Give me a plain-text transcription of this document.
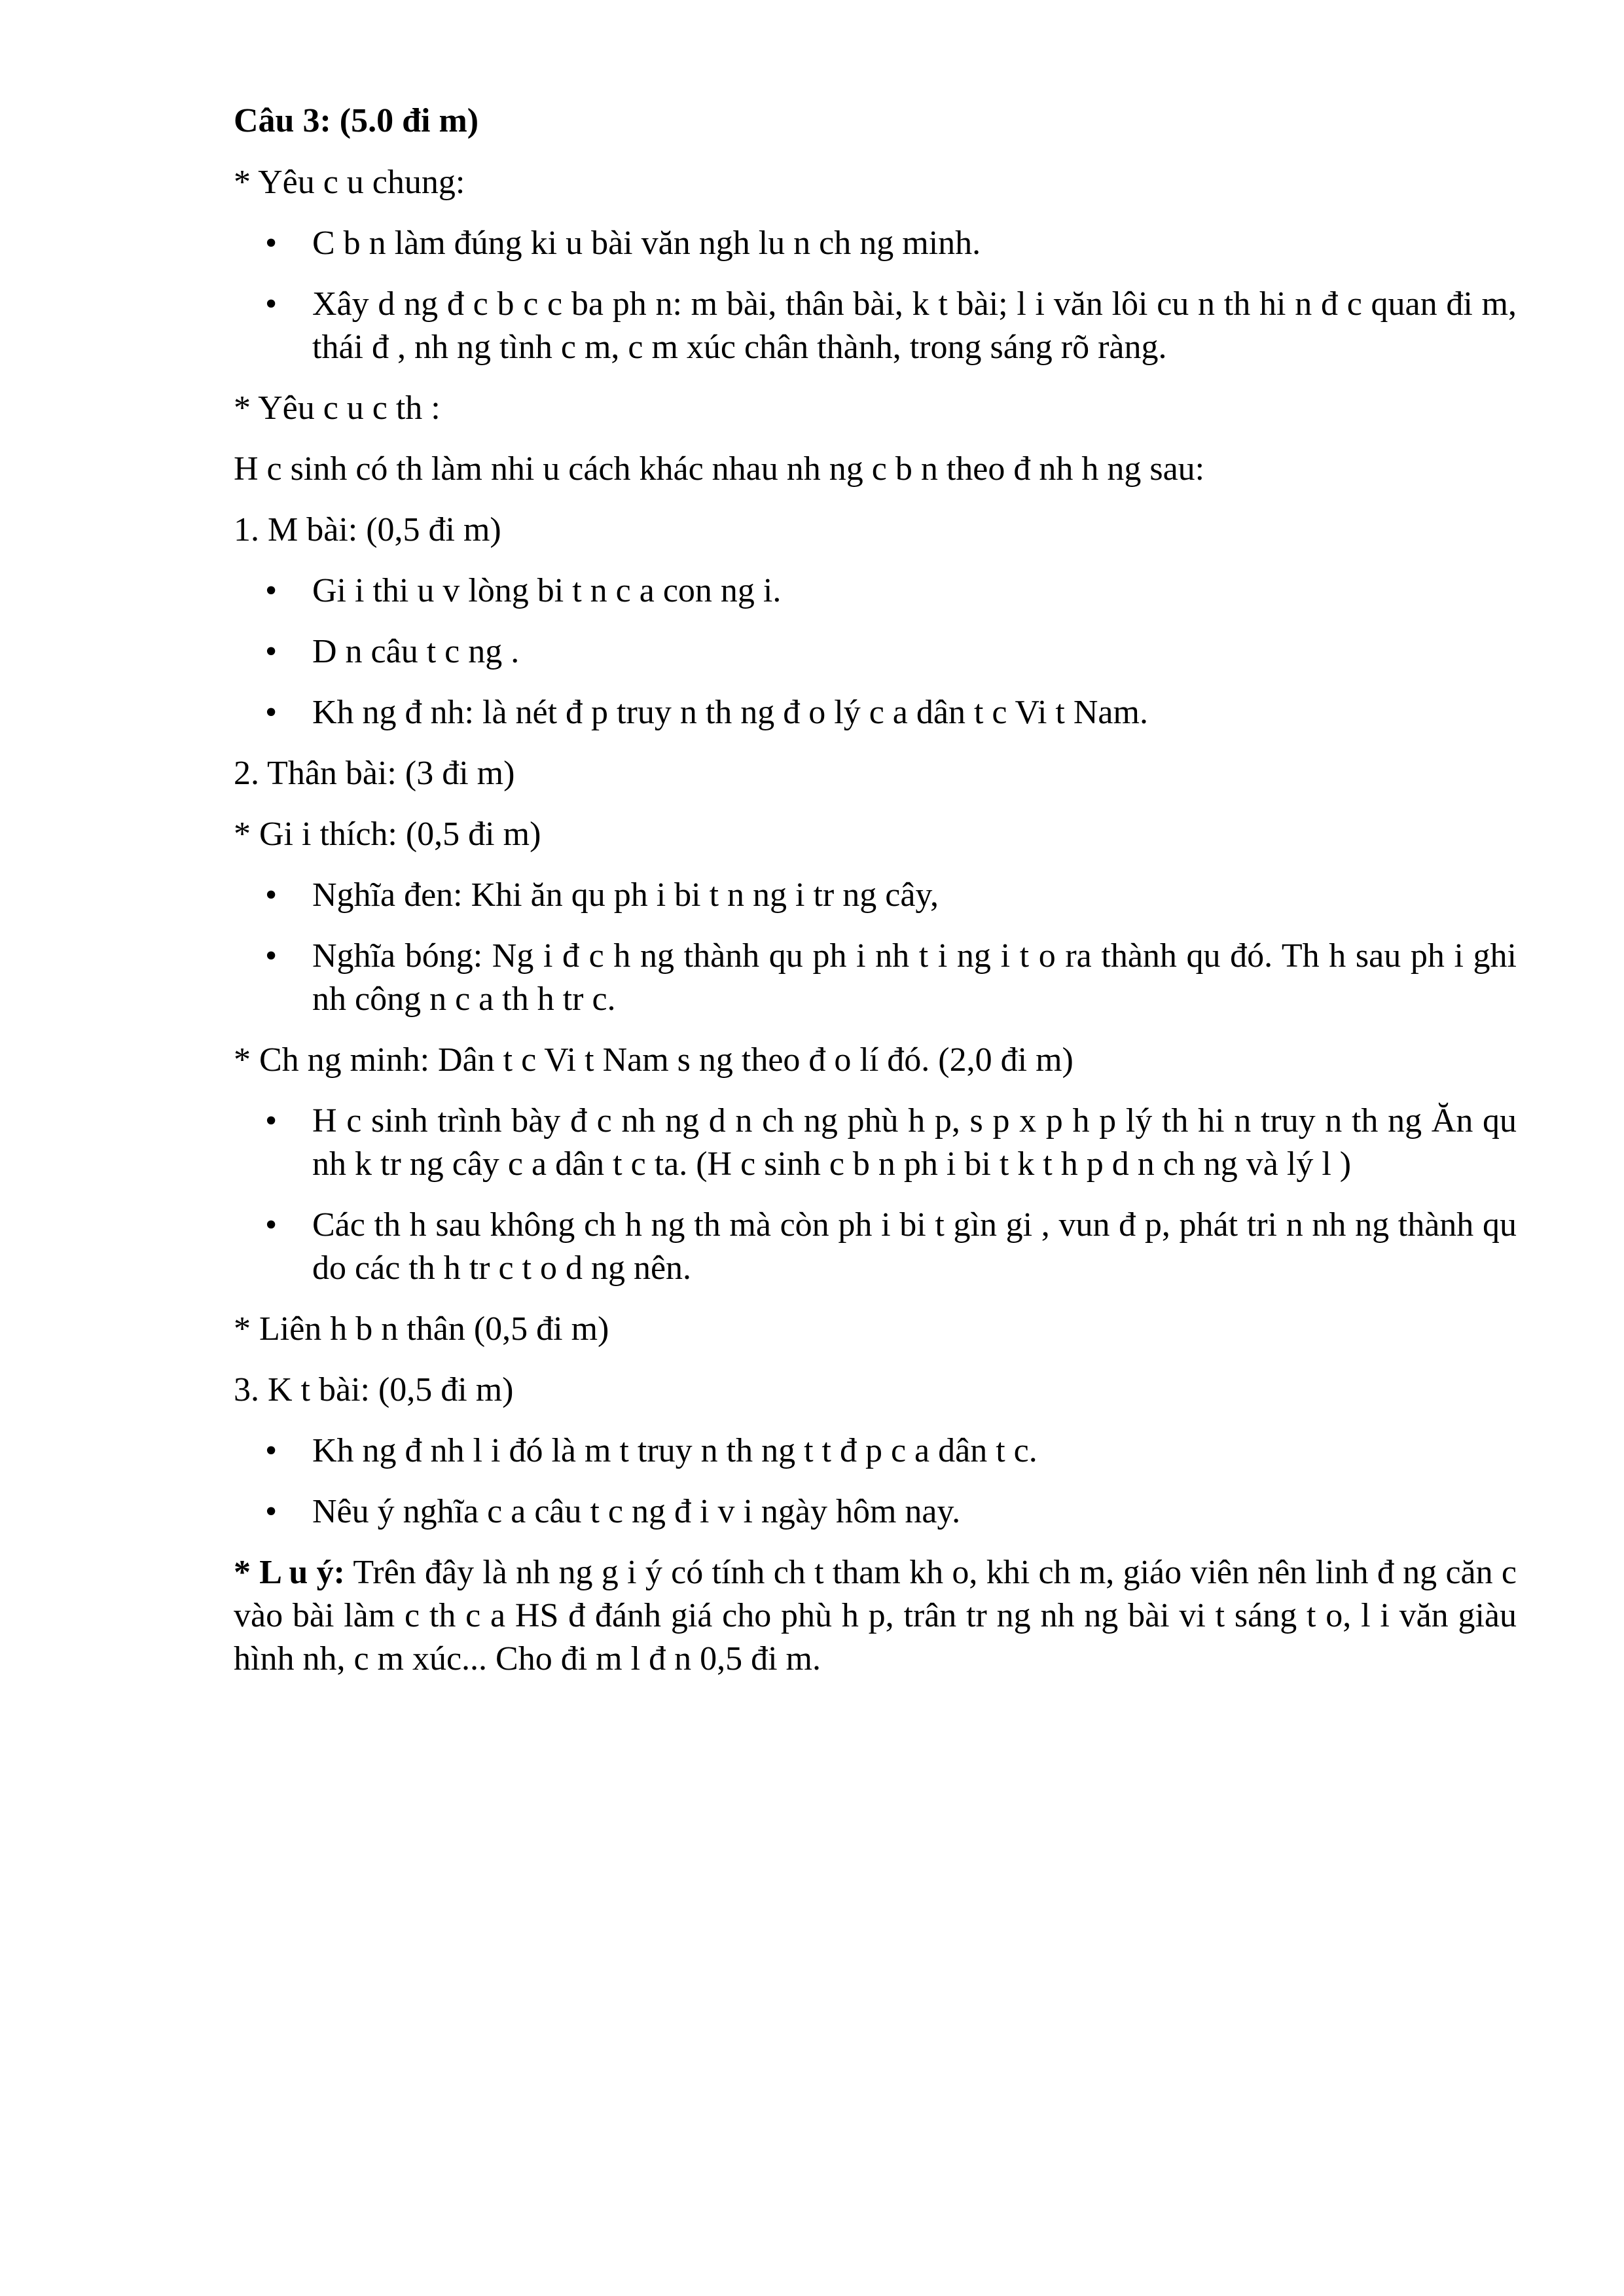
Câu 3: (5.0 đi m)
* Yêu c u chung:
• C b n làm đúng ki u bài văn ngh lu n ch ng minh.
• Xây d ng đ c b c c ba ph n: m bài, thân bài, k t bài; l i văn lôi cu n th hi n đ c quan đi m, thái đ , nh ng tình c m, c m xúc chân thành, trong sáng rõ ràng.
* Yêu c u c th :
H c sinh có th làm nhi u cách khác nhau nh ng c b n theo đ nh h ng sau:
1. M bài: (0,5 đi m)
• Gi i thi u v lòng bi t n c a con ng i.
• D n câu t c ng .
• Kh ng đ nh: là nét đ p truy n th ng đ o lý c a dân t c Vi t Nam.
2. Thân bài: (3 đi m)
* Gi i thích: (0,5 đi m)
• Nghĩa đen: Khi ăn qu ph i bi t n ng i tr ng cây,
• Nghĩa bóng: Ng i đ c h ng thành qu ph i nh t i ng i t o ra thành qu đó. Th h sau ph i ghi nh công n c a th h tr c.
* Ch ng minh: Dân t c Vi t Nam s ng theo đ o lí đó. (2,0 đi m)
• H c sinh trình bày đ c nh ng d n ch ng phù h p, s p x p h p lý th hi n truy n th ng Ăn qu nh k tr ng cây c a dân t c ta. (H c sinh c b n ph i bi t k t h p d n ch ng và lý l )
• Các th h sau không ch h ng th mà còn ph i bi t gìn gi , vun đ p, phát tri n nh ng thành qu do các th h tr c t o d ng nên.
* Liên h b n thân (0,5 đi m)
3. K t bài: (0,5 đi m)
• Kh ng đ nh l i đó là m t truy n th ng t t đ p c a dân t c.
• Nêu ý nghĩa c a câu t c ng đ i v i ngày hôm nay.
* L u ý: Trên đây là nh ng g i ý có tính ch t tham kh o, khi ch m, giáo viên nên linh đ ng căn c vào bài làm c th c a HS đ đánh giá cho phù h p, trân tr ng nh ng bài vi t sáng t o, l i văn giàu hình nh, c m xúc... Cho đi m l đ n 0,5 đi m.
